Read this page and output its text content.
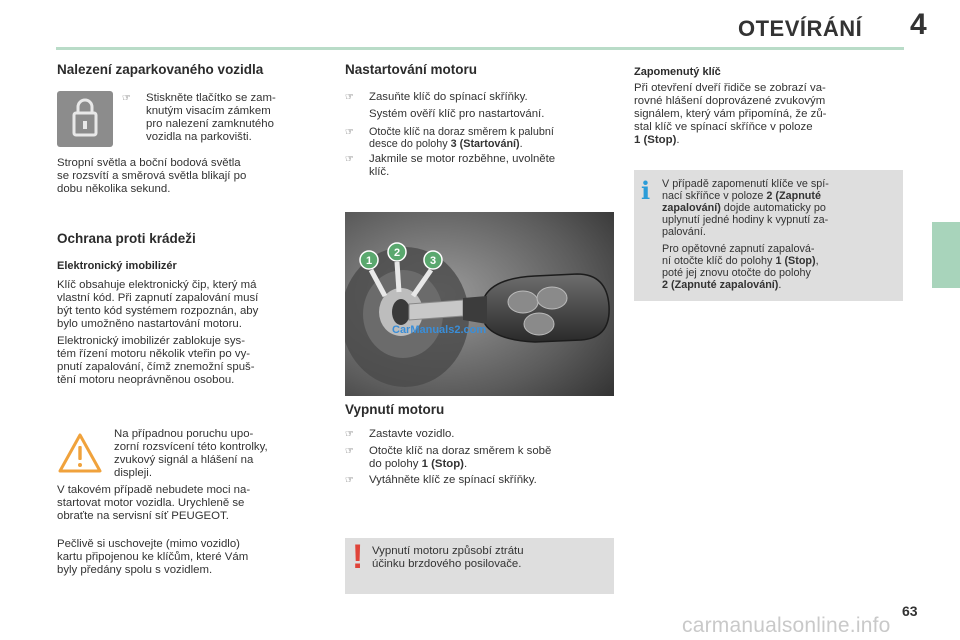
OTEVÍRÁNÍ 4
Nalezení zaparkovaného vozidla
☞ Stiskněte tlačítko se zam-
knutým visacím zámkem
pro nalezení zamknutého
vozidla na parkovišti.
Stropní světla a boční bodová světla
se rozsvítí a směrová světla blikají po
dobu několika sekund.
Ochrana proti krádeži
Elektronický imobilizér
Klíč obsahuje elektronický čip, který má
vlastní kód. Při zapnutí zapalování musí
být tento kód systémem rozpoznán, aby
bylo umožněno nastartování motoru.
Elektronický imobilizér zablokuje sys-
tém řízení motoru několik vteřin po vy-
pnutí zapalování, čímž znemožní spuš-
tění motoru neoprávněnou osobou.
Na případnou poruchu upo-
zorní rozsvícení této kontrolky,
zvukový signál a hlášení na
displeji.
V takovém případě nebudete moci na-
startovat motor vozidla. Urychleně se
obraťte na servisní síť PEUGEOT.
Pečlivě si uschovejte (mimo vozidlo)
kartu připojenou ke klíčům, které Vám
byly předány spolu s vozidlem.
Nastartování motoru
☞ Zasuňte klíč do spínací skříňky.
Systém ověří klíč pro nastartování.
☞ Otočte klíč na doraz směrem k palubní
desce do polohy 3 (Startování).
☞ Jakmile se motor rozběhne, uvolněte
klíč.
1
2
3
CarManuals2.com
Vypnutí motoru
☞ Zastavte vozidlo.
☞ Otočte klíč na doraz směrem k sobě
do polohy 1 (Stop).
☞ Vytáhněte klíč ze spínací skříňky.
! Vypnutí motoru způsobí ztrátu
účinku brzdového posilovače.
Zapomenutý klíč
Při otevření dveří řidiče se zobrazí va-
rovné hlášení doprovázené zvukovým
signálem, který vám připomíná, že zů-
stal klíč ve spínací skříňce v poloze
1 (Stop).
i V případě zapomenutí klíče ve spí-
nací skříňce v poloze 2 (Zapnuté
zapalování) dojde automaticky po
uplynutí jedné hodiny k vypnutí za-
palování.
Pro opětovné zapnutí zapalová-
ní otočte klíč do polohy 1 (Stop),
poté jej znovu otočte do polohy
2 (Zapnuté zapalování).
63
carmanualsonline.info
